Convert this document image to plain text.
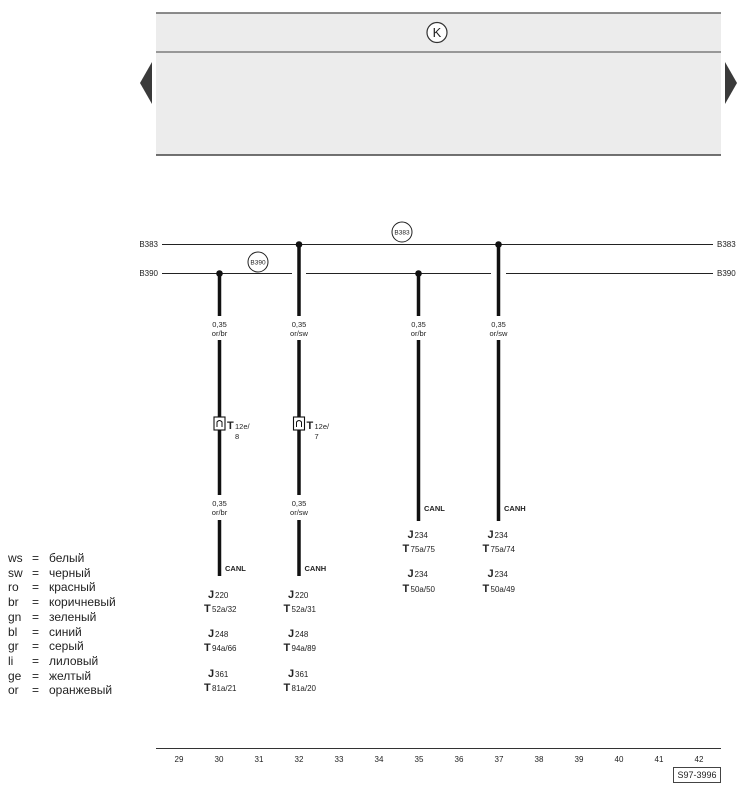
K
B383	B383
B383
B390	B390
B390
0,35
or/br
T 12e/
8
0,35
or/br
CANL
J 220
T 52a/32
J 248
T 94a/66
J 361
T 81a/21
0,35
or/sw
T 12e/
7
0,35
or/sw
CANH
J 220
T 52a/31
J 248
T 94a/89
J 361
T 81a/20
0,35
or/br
CANL
J 234
T 75a/75
J 234
T 50a/50
0,35
or/sw
CANH
J 234
T 75a/74
J 234
T 50a/49
29	30	31	32	33	34	35	36	37	38	39	40	41	42
ws = белый
sw = черный
ro	= красный
br	= коричневый
gn = зеленый
bl	= синий
gr	= серый
li	= лиловый
ge = желтый
or	= оранжевый
S97-3996
